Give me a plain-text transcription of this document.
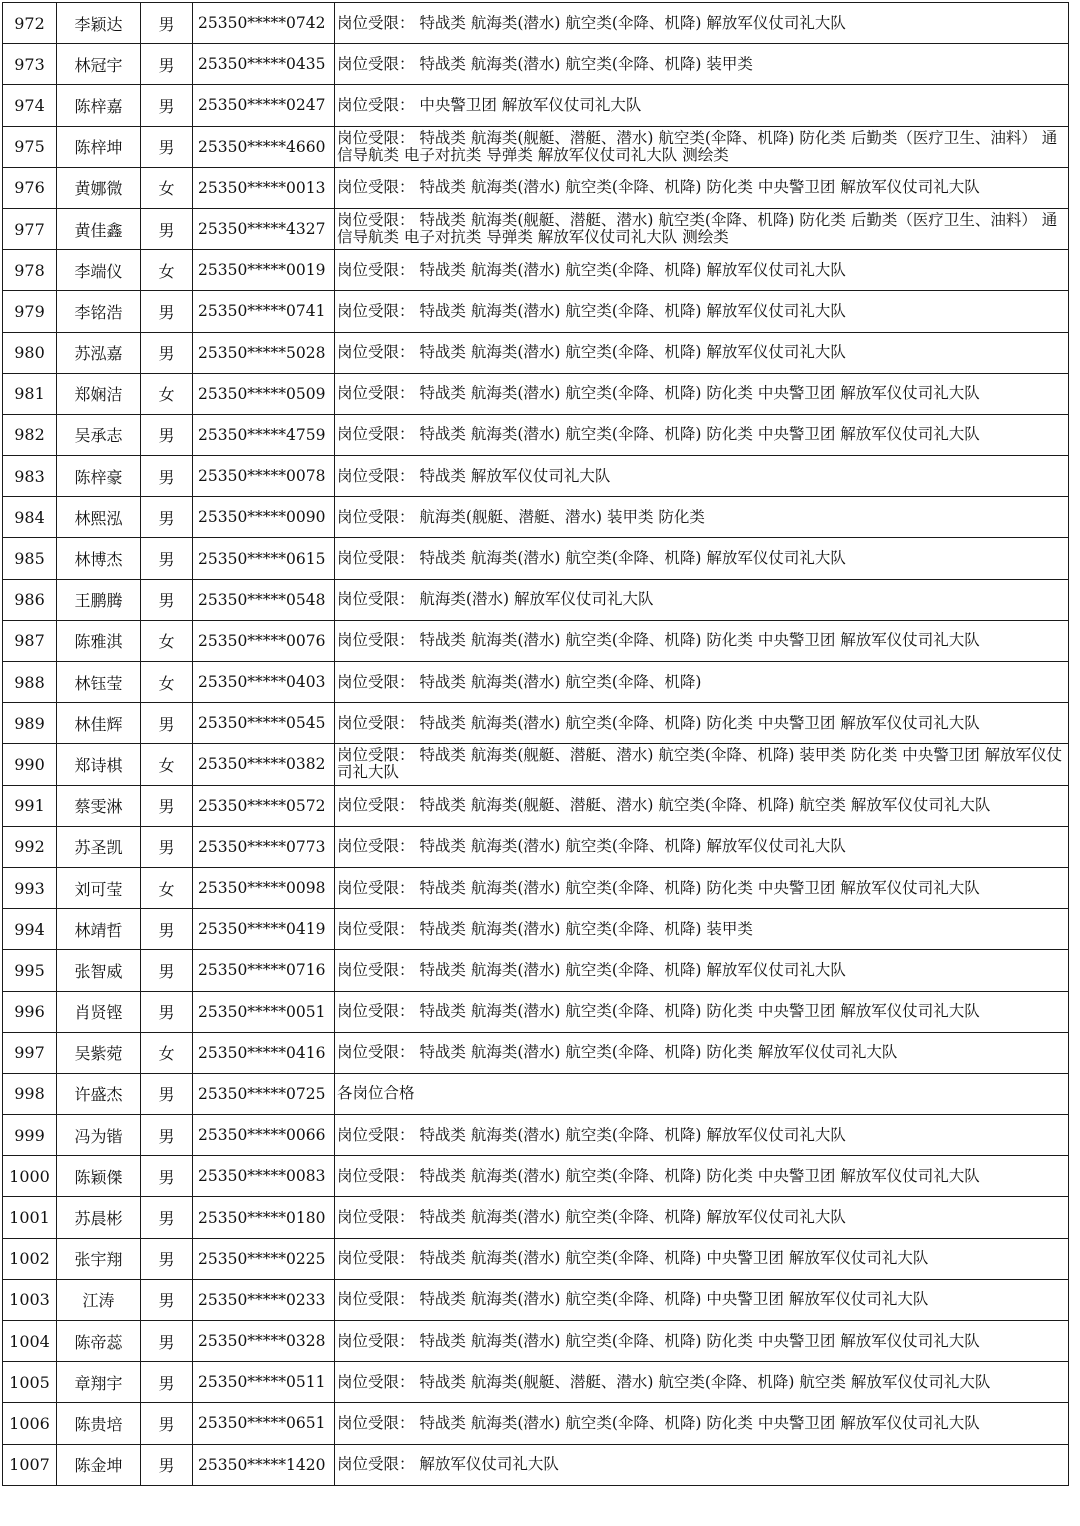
972	李颖达	男	25350*****0742	岗位受限： 特战类 航海类(潜水) 航空类(伞降、机降) 解放军仪仗司礼大队
973	林冠宇	男	25350*****0435	岗位受限： 特战类 航海类(潜水) 航空类(伞降、机降) 装甲类
974	陈梓嘉	男	25350*****0247	岗位受限： 中央警卫团 解放军仪仗司礼大队
975	陈梓坤	男	25350*****4660	岗位受限： 特战类 航海类(舰艇、潜艇、潜水) 航空类(伞降、机降) 防化类 后勤类（医疗卫生、油料） 通信导航类 电子对抗类 导弹类 解放军仪仗司礼大队 测绘类
976	黄娜微	女	25350*****0013	岗位受限： 特战类 航海类(潜水) 航空类(伞降、机降) 防化类 中央警卫团 解放军仪仗司礼大队
977	黄佳鑫	男	25350*****4327	岗位受限： 特战类 航海类(舰艇、潜艇、潜水) 航空类(伞降、机降) 防化类 后勤类（医疗卫生、油料） 通信导航类 电子对抗类 导弹类 解放军仪仗司礼大队 测绘类
978	李端仪	女	25350*****0019	岗位受限： 特战类 航海类(潜水) 航空类(伞降、机降) 解放军仪仗司礼大队
979	李铭浩	男	25350*****0741	岗位受限： 特战类 航海类(潜水) 航空类(伞降、机降) 解放军仪仗司礼大队
980	苏泓嘉	男	25350*****5028	岗位受限： 特战类 航海类(潜水) 航空类(伞降、机降) 解放军仪仗司礼大队
981	郑娴洁	女	25350*****0509	岗位受限： 特战类 航海类(潜水) 航空类(伞降、机降) 防化类 中央警卫团 解放军仪仗司礼大队
982	吴承志	男	25350*****4759	岗位受限： 特战类 航海类(潜水) 航空类(伞降、机降) 防化类 中央警卫团 解放军仪仗司礼大队
983	陈梓豪	男	25350*****0078	岗位受限： 特战类 解放军仪仗司礼大队
984	林熙泓	男	25350*****0090	岗位受限： 航海类(舰艇、潜艇、潜水) 装甲类 防化类
985	林博杰	男	25350*****0615	岗位受限： 特战类 航海类(潜水) 航空类(伞降、机降) 解放军仪仗司礼大队
986	王鹏腾	男	25350*****0548	岗位受限： 航海类(潜水) 解放军仪仗司礼大队
987	陈雅淇	女	25350*****0076	岗位受限： 特战类 航海类(潜水) 航空类(伞降、机降) 防化类 中央警卫团 解放军仪仗司礼大队
988	林钰莹	女	25350*****0403	岗位受限： 特战类 航海类(潜水) 航空类(伞降、机降)
989	林佳辉	男	25350*****0545	岗位受限： 特战类 航海类(潜水) 航空类(伞降、机降) 防化类 中央警卫团 解放军仪仗司礼大队
990	郑诗棋	女	25350*****0382	岗位受限： 特战类 航海类(舰艇、潜艇、潜水) 航空类(伞降、机降) 装甲类 防化类 中央警卫团 解放军仪仗司礼大队
991	蔡雯淋	男	25350*****0572	岗位受限： 特战类 航海类(舰艇、潜艇、潜水) 航空类(伞降、机降) 航空类 解放军仪仗司礼大队
992	苏圣凯	男	25350*****0773	岗位受限： 特战类 航海类(潜水) 航空类(伞降、机降) 解放军仪仗司礼大队
993	刘可莹	女	25350*****0098	岗位受限： 特战类 航海类(潜水) 航空类(伞降、机降) 防化类 中央警卫团 解放军仪仗司礼大队
994	林靖哲	男	25350*****0419	岗位受限： 特战类 航海类(潜水) 航空类(伞降、机降) 装甲类
995	张智威	男	25350*****0716	岗位受限： 特战类 航海类(潜水) 航空类(伞降、机降) 解放军仪仗司礼大队
996	肖贤铿	男	25350*****0051	岗位受限： 特战类 航海类(潜水) 航空类(伞降、机降) 防化类 中央警卫团 解放军仪仗司礼大队
997	吴紫菀	女	25350*****0416	岗位受限： 特战类 航海类(潜水) 航空类(伞降、机降) 防化类 解放军仪仗司礼大队
998	许盛杰	男	25350*****0725	各岗位合格
999	冯为锴	男	25350*****0066	岗位受限： 特战类 航海类(潜水) 航空类(伞降、机降) 解放军仪仗司礼大队
1000	陈颖傑	男	25350*****0083	岗位受限： 特战类 航海类(潜水) 航空类(伞降、机降) 防化类 中央警卫团 解放军仪仗司礼大队
1001	苏晨彬	男	25350*****0180	岗位受限： 特战类 航海类(潜水) 航空类(伞降、机降) 解放军仪仗司礼大队
1002	张宇翔	男	25350*****0225	岗位受限： 特战类 航海类(潜水) 航空类(伞降、机降) 中央警卫团 解放军仪仗司礼大队
1003	江涛	男	25350*****0233	岗位受限： 特战类 航海类(潜水) 航空类(伞降、机降) 中央警卫团 解放军仪仗司礼大队
1004	陈帝蕊	男	25350*****0328	岗位受限： 特战类 航海类(潜水) 航空类(伞降、机降) 防化类 中央警卫团 解放军仪仗司礼大队
1005	章翔宇	男	25350*****0511	岗位受限： 特战类 航海类(舰艇、潜艇、潜水) 航空类(伞降、机降) 航空类 解放军仪仗司礼大队
1006	陈贵培	男	25350*****0651	岗位受限： 特战类 航海类(潜水) 航空类(伞降、机降) 防化类 中央警卫团 解放军仪仗司礼大队
1007	陈金坤	男	25350*****1420	岗位受限： 解放军仪仗司礼大队
